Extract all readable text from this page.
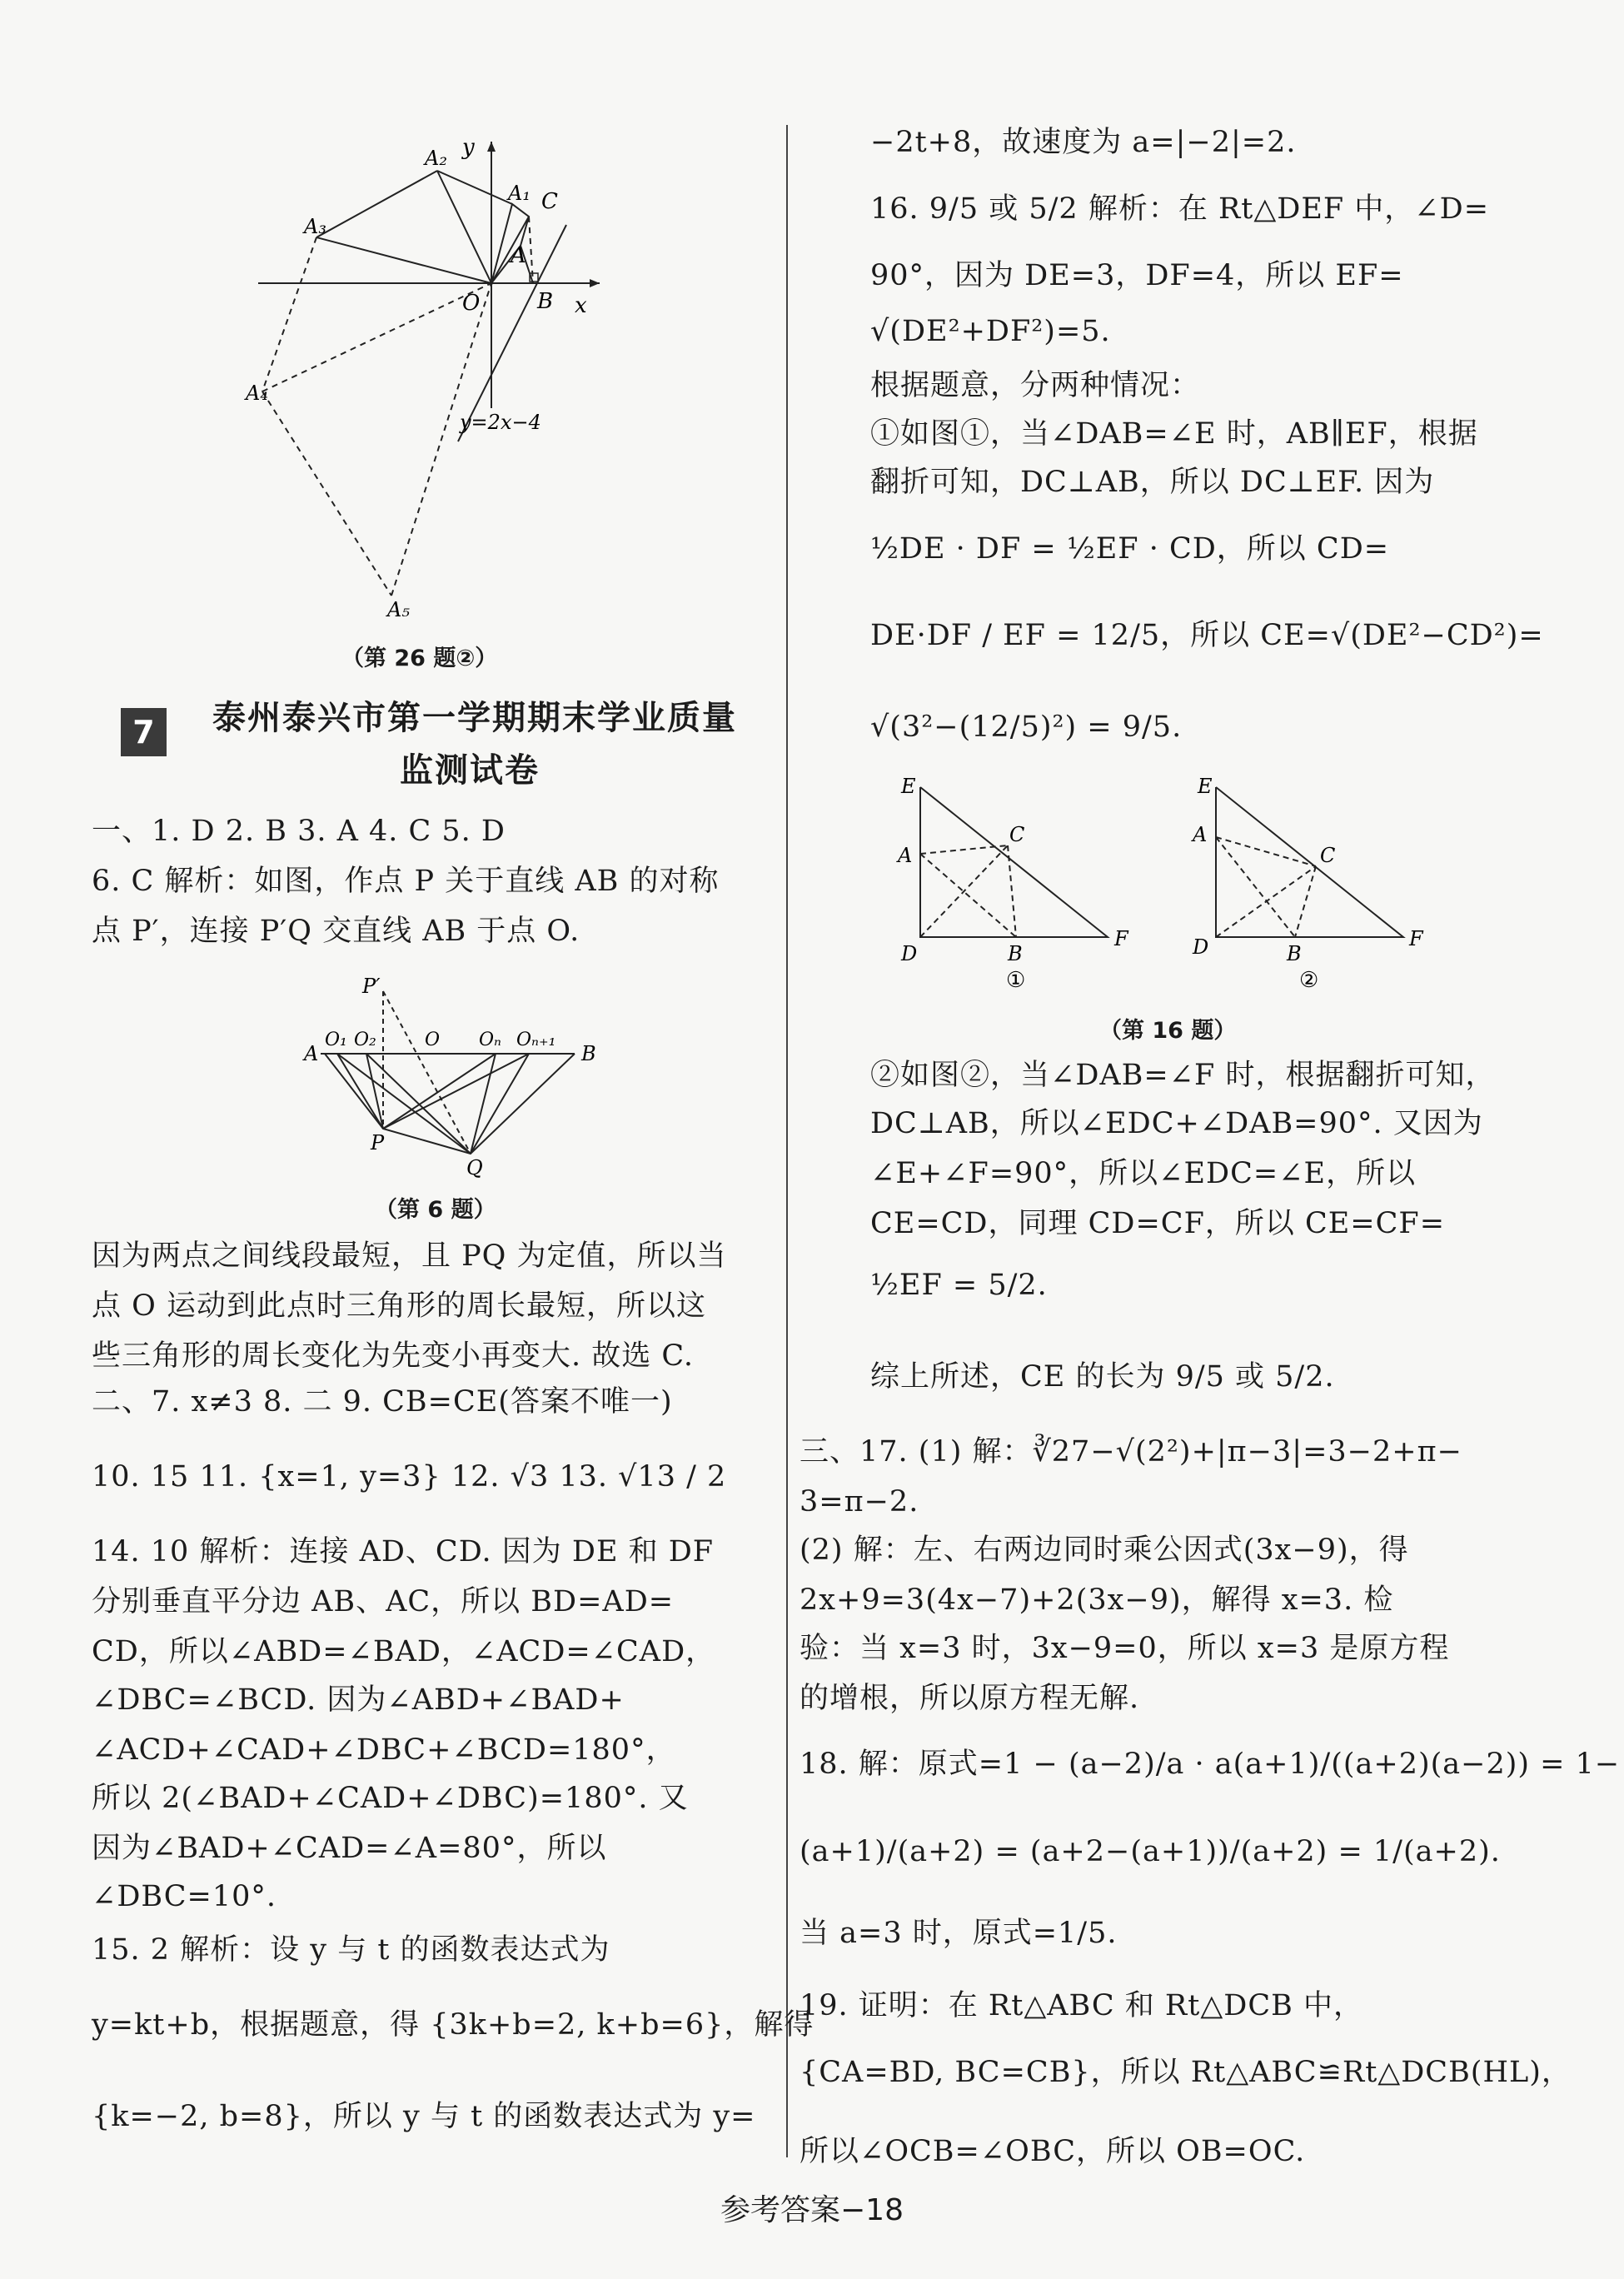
y
x
O
A
B
C
A₁
A₂
A₃
A₄
A₅
y=2x−4
（第 26 题②）
7	泰州泰兴市第一学期期末学业质量
监测试卷
一、1. D 2. B 3. A 4. C 5. D
6. C 解析：如图，作点 P 关于直线 AB 的对称
点 P′，连接 P′Q 交直线 AB 于点 O.
P′
A
O₁ O₂	O Oₙ Oₙ₊₁
B
P
Q
（第 6 题）
因为两点之间线段最短，且 PQ 为定值，所以当
点 O 运动到此点时三角形的周长最短，所以这
些三角形的周长变化为先变小再变大. 故选 C.
二、7. x≠3 8. 二 9. CB=CE(答案不唯一)
10. 15 11. {x=1, y=3} 12. √3 13. √13 / 2
14. 10 解析：连接 AD、CD. 因为 DE 和 DF
分别垂直平分边 AB、AC，所以 BD=AD=
CD，所以∠ABD=∠BAD，∠ACD=∠CAD，
∠DBC=∠BCD. 因为∠ABD+∠BAD+
∠ACD+∠CAD+∠DBC+∠BCD=180°，
所以 2(∠BAD+∠CAD+∠DBC)=180°. 又
因为∠BAD+∠CAD=∠A=80°，所以
∠DBC=10°.
15. 2 解析：设 y 与 t 的函数表达式为
y=kt+b，根据题意，得 {3k+b=2, k+b=6}，解得
{k=−2, b=8}，所以 y 与 t 的函数表达式为 y=
−2t+8，故速度为 a=|−2|=2.
16. 9/5 或 5/2 解析：在 Rt△DEF 中，∠D=
90°，因为 DE=3，DF=4，所以 EF=
√(DE²+DF²)=5.
根据题意，分两种情况：
①如图①，当∠DAB=∠E 时，AB∥EF，根据
翻折可知，DC⊥AB，所以 DC⊥EF. 因为
½DE · DF = ½EF · CD，所以 CD=
DE·DF / EF = 12/5，所以 CE=√(DE²−CD²)=
√(3²−(12/5)²) = 9/5.
E
A
C
D	B
F
①
E
A
C
D	B
F
②
（第 16 题）
②如图②，当∠DAB=∠F 时，根据翻折可知，
DC⊥AB，所以∠EDC+∠DAB=90°. 又因为
∠E+∠F=90°，所以∠EDC=∠E，所以
CE=CD，同理 CD=CF，所以 CE=CF=
½EF = 5/2.
综上所述，CE 的长为 9/5 或 5/2.
三、17. (1) 解：∛27−√(2²)+|π−3|=3−2+π−
3=π−2.
(2) 解：左、右两边同时乘公因式(3x−9)，得
2x+9=3(4x−7)+2(3x−9)，解得 x=3. 检
验：当 x=3 时，3x−9=0，所以 x=3 是原方程
的增根，所以原方程无解.
18. 解：原式=1 − (a−2)/a · a(a+1)/((a+2)(a−2)) = 1−
(a+1)/(a+2) = (a+2−(a+1))/(a+2) = 1/(a+2).
当 a=3 时，原式=1/5.
19. 证明：在 Rt△ABC 和 Rt△DCB 中，
{CA=BD, BC=CB}，所以 Rt△ABC≌Rt△DCB(HL)，
所以∠OCB=∠OBC，所以 OB=OC.
参考答案−18
